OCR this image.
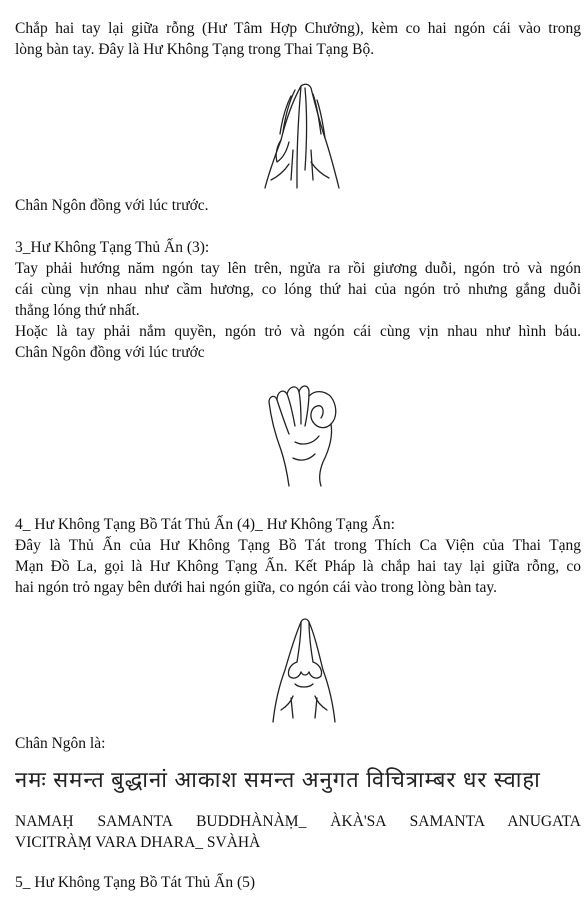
Chắp hai tay lại giữa rỗng (Hư Tâm Hợp Chưởng), kèm co hai ngón cái vào trong

lòng bàn tay. Đây là Hư Không Tạng trong Thai Tạng Bộ.

Chân Ngôn đồng với lúc trước.

3_Hư Không Tạng Thủ Ấn (3):

Tay phải hướng năm ngón tay lên trên, ngửa ra rồi giương duỗi, ngón trỏ và ngón

cái cùng vịn nhau như cầm hương, co lóng thứ hai của ngón trỏ nhưng gắng duỗi

thẳng lóng thứ nhất.

Hoặc là tay phải nắm quyền, ngón trỏ và ngón cái cùng vịn nhau như hình báu.

Chân Ngôn đồng với lúc trước

4_ Hư Không Tạng Bồ Tát Thủ Ấn (4)_ Hư Không Tạng Ấn:

Đây là Thủ Ấn của Hư Không Tạng Bồ Tát trong Thích Ca Viện của Thai Tạng

Mạn Đồ La, gọi là Hư Không Tạng Ấn. Kết Pháp là chắp hai tay lại giữa rỗng, co

hai ngón trỏ ngay bên dưới hai ngón giữa, co ngón cái vào trong lòng bàn tay.

Chân Ngôn là:

नमः समन्त बुद्धानां आकाश समन्त अनुगत विचित्राम्बर धर स्वाहा

NAMAḤ SAMANTA BUDDHÀNÀṂ_ ÀKÀ'SA SAMANTA ANUGATA

VICITRÀṂ VARA DHARA_ SVÀHÀ

5_ Hư Không Tạng Bồ Tát Thủ Ấn (5)
